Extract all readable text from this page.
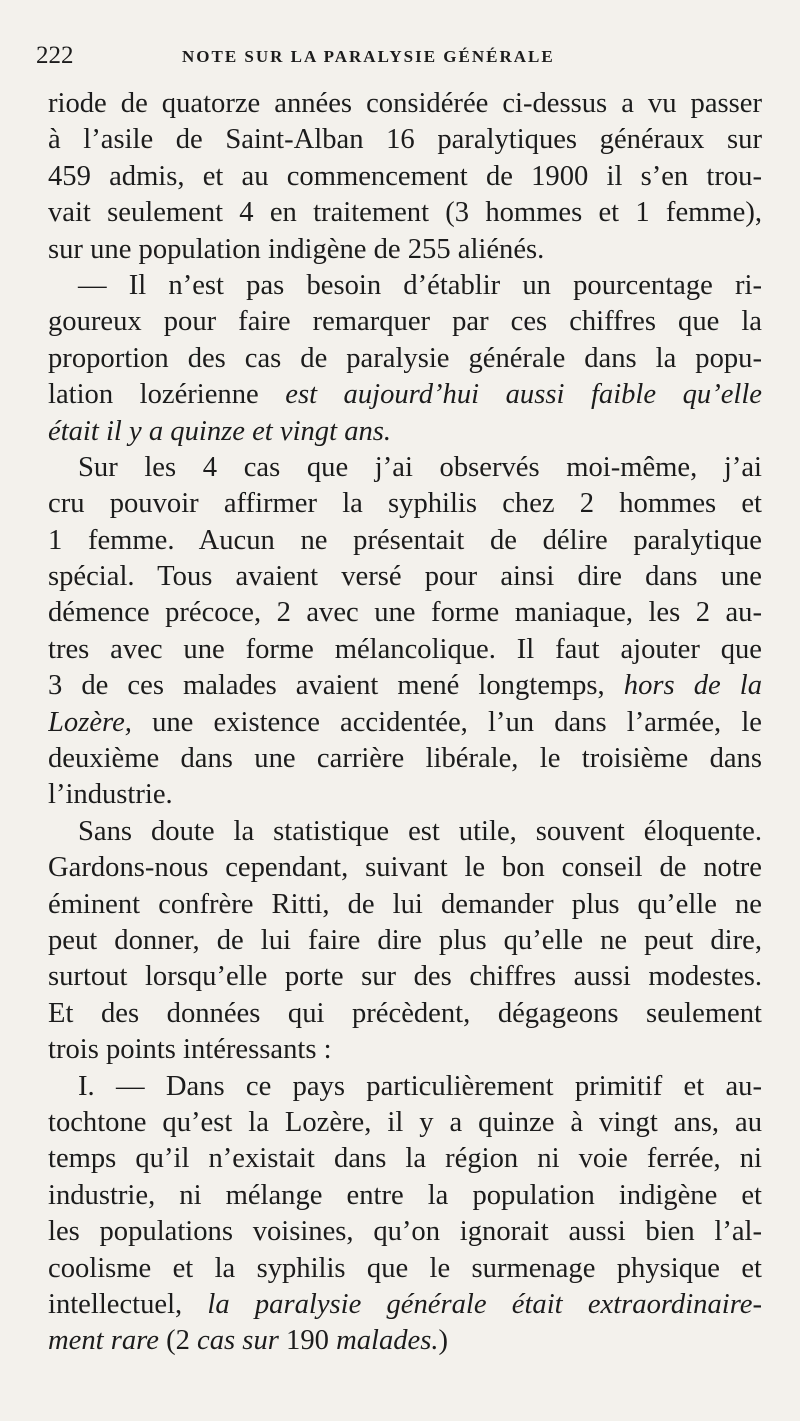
222	NOTE SUR LA PARALYSIE GÉNÉRALE
riode de quatorze années considérée ci-dessus a vu passer
à l’asile de Saint-Alban 16 paralytiques généraux sur
459 admis, et au commencement de 1900 il s’en trou-
vait seulement 4 en traitement (3 hommes et 1 femme),
sur une population indigène de 255 aliénés.
— Il n’est pas besoin d’établir un pourcentage ri-
goureux pour faire remarquer par ces chiffres que la
proportion des cas de paralysie générale dans la popu-
lation lozérienne est aujourd’hui aussi faible qu’elle
était il y a quinze et vingt ans.
Sur les 4 cas que j’ai observés moi-même, j’ai
cru pouvoir affirmer la syphilis chez 2 hommes et
1 femme. Aucun ne présentait de délire paralytique
spécial. Tous avaient versé pour ainsi dire dans une
démence précoce, 2 avec une forme maniaque, les 2 au-
tres avec une forme mélancolique. Il faut ajouter que
3 de ces malades avaient mené longtemps, hors de la
Lozère, une existence accidentée, l’un dans l’armée, le
deuxième dans une carrière libérale, le troisième dans
l’industrie.
Sans doute la statistique est utile, souvent éloquente.
Gardons-nous cependant, suivant le bon conseil de notre
éminent confrère Ritti, de lui demander plus qu’elle ne
peut donner, de lui faire dire plus qu’elle ne peut dire,
surtout lorsqu’elle porte sur des chiffres aussi modestes.
Et des données qui précèdent, dégageons seulement
trois points intéressants :
I. — Dans ce pays particulièrement primitif et au-
tochtone qu’est la Lozère, il y a quinze à vingt ans, au
temps qu’il n’existait dans la région ni voie ferrée, ni
industrie, ni mélange entre la population indigène et
les populations voisines, qu’on ignorait aussi bien l’al-
coolisme et la syphilis que le surmenage physique et
intellectuel, la paralysie générale était extraordinaire-
ment rare (2 cas sur 190 malades.)
